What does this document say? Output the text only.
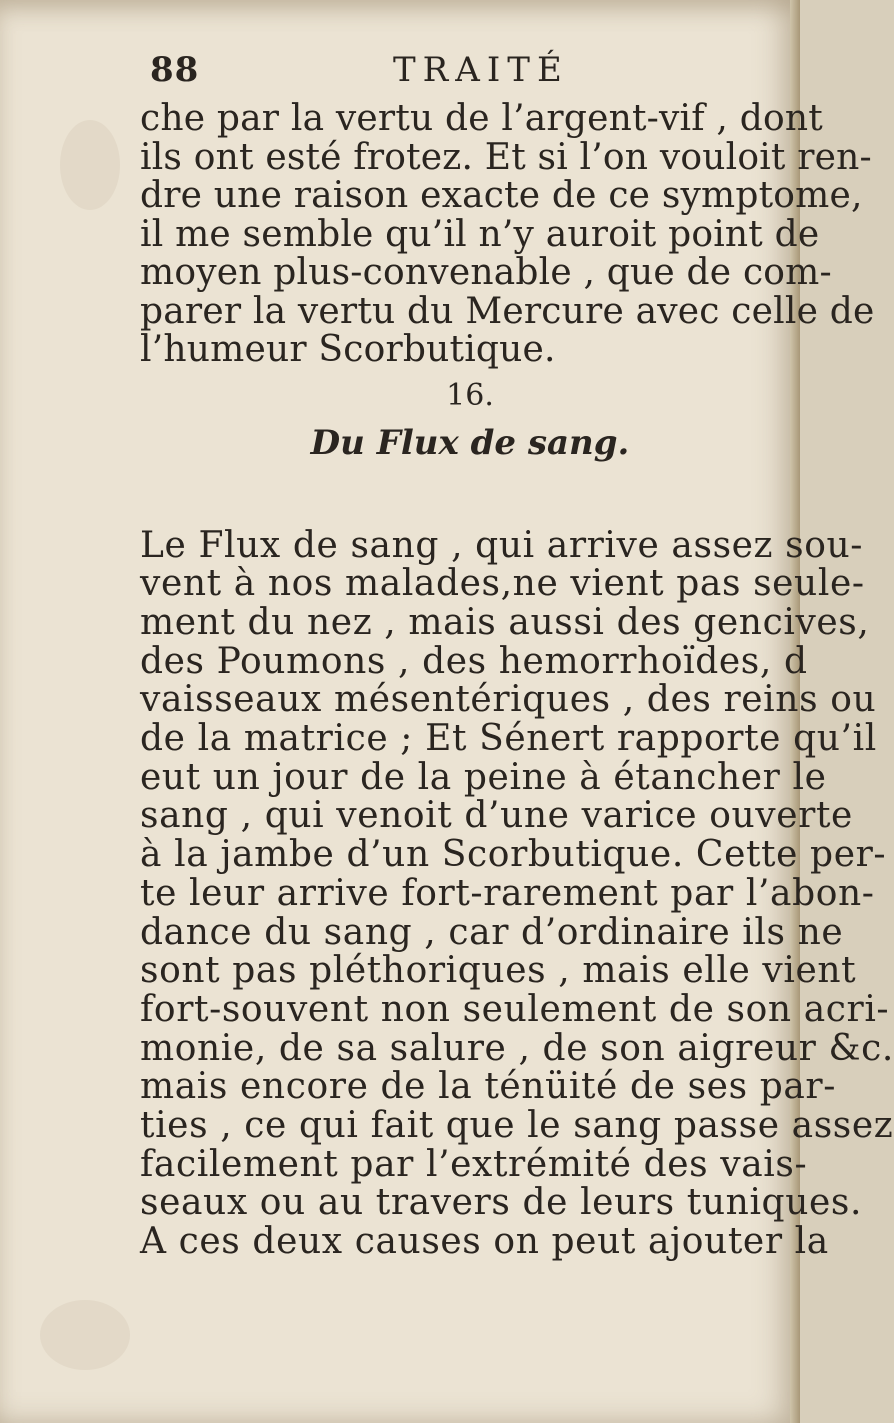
88	TRAITÉ
che par la vertu de l’argent-vif , dont
ils ont esté frotez. Et si l’on vouloit ren-
dre une raison exacte de ce symptome,
il me semble qu’il n’y auroit point de
moyen plus-convenable , que de com-
parer la vertu du Mercure avec celle de
l’humeur Scorbutique.
16.
Du Flux de sang.
Le Flux de sang , qui arrive assez sou-
vent à nos malades,ne vient pas seule-
ment du nez , mais aussi des gencives,
des Poumons , des hemorrhoïdes, d
vaisseaux mésentériques , des reins ou
de la matrice ; Et Sénert rapporte qu’il
eut un jour de la peine à étancher le
sang , qui venoit d’une varice ouverte
à la jambe d’un Scorbutique. Cette per-
te leur arrive fort-rarement par l’abon-
dance du sang , car d’ordinaire ils ne
sont pas pléthoriques , mais elle vient
fort-souvent non seulement de son acri-
monie, de sa salure , de son aigreur &c.
mais encore de la ténüité de ses par-
ties , ce qui fait que le sang passe assez
facilement par l’extrémité des vais-
seaux ou au travers de leurs tuniques.
A ces deux causes on peut ajouter la
